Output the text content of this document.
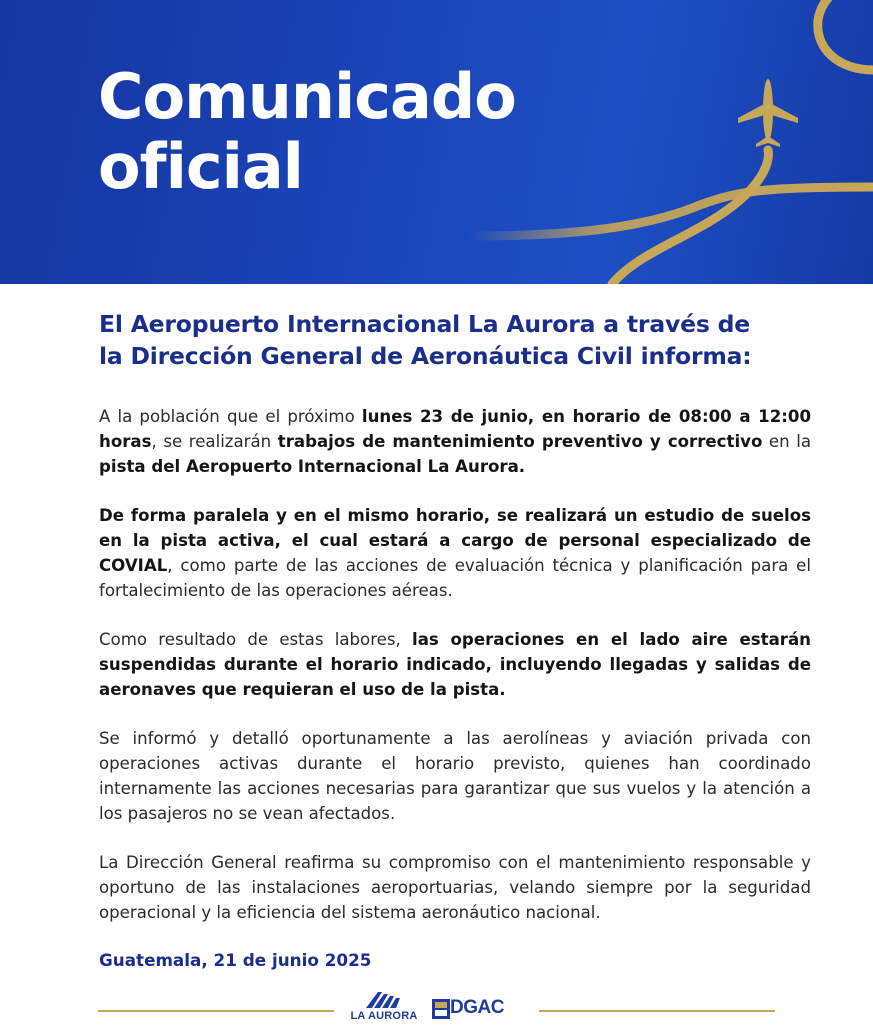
Comunicado
oficial
El Aeropuerto Internacional La Aurora a través de
la Dirección General de Aeronáutica Civil informa:

A la población que el próximo lunes 23 de junio, en horario de 08:00 a 12:00 horas, se realizarán trabajos de mantenimiento preventivo y correctivo en la pista del Aeropuerto Internacional La Aurora.

De forma paralela y en el mismo horario, se realizará un estudio de suelos en la pista activa, el cual estará a cargo de personal especializado de COVIAL, como parte de las acciones de evaluación técnica y planificación para el fortalecimiento de las operaciones aéreas.

Como resultado de estas labores, las operaciones en el lado aire estarán suspendidas durante el horario indicado, incluyendo llegadas y salidas de aeronaves que requieran el uso de la pista.

Se informó y detalló oportunamente a las aerolíneas y aviación privada con operaciones activas durante el horario previsto, quienes han coordinado internamente las acciones necesarias para garantizar que sus vuelos y la atención a los pasajeros no se vean afectados.

La Dirección General reafirma su compromiso con el mantenimiento responsable y oportuno de las instalaciones aeroportuarias, velando siempre por la seguridad operacional y la eficiencia del sistema aeronáutico nacional.

Guatemala, 21 de junio 2025

LA AURORA DGAC
